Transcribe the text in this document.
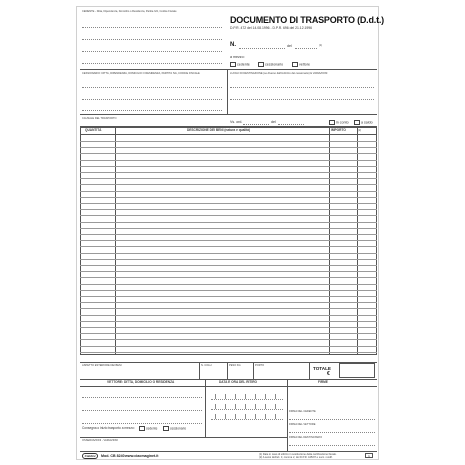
CEDENTE - Ditta, Dipendenza, Domicilio o Residenza, Partita IVA, Codice Fiscale
DOCUMENTO DI TRASPORTO (D.d.t.)
D.P.R. 472 del 14.08.1996 - D.P.R. 696 del 21.12.1996
N.	del	(1)
a mezzo:
cedente	cessionario	vettore
CESSIONARIO: DITTA, DIPENDENZA, DOMICILIO O RESIDENZA, PARTITA IVA, CODICE FISCALE	LUOGO DI DESTINAZIONE (se diverso dall'indirizzo del cessionario) E VARIAZIONI
CAUSALE DEL TRASPORTO
Vs. ord.	del	in conto	a saldo
QUANTITÀ	DESCRIZIONE DEI BENI (natura e qualità)	IMPORTO	(2)
ASPETTO ESTERIORE DEI BENI	N. COLLI	PESO KG	PORTO
TOTALE
€
VETTORE: DITTA, DOMICILIO O RESIDENZA	DATA E ORA DEL RITIRO	FIRME
FIRMA DEL CEDENTE
FIRMA DEL VETTORE
FIRMA DEL DESTINATARIO
OSSERVAZIONI - VARIAZIONI
Consegna o inizio trasporto a mezzo:	cedente	cessionario
Cialdini	Mod. CB 8240 www.ciaomaginet.it	(1) Date in caso di utilizzo in sostituzione della certificazione fiscale.
(2) A sensi dell'art. 3, comma 2, del D.P.R. 445/97 e succ. modif.	1
